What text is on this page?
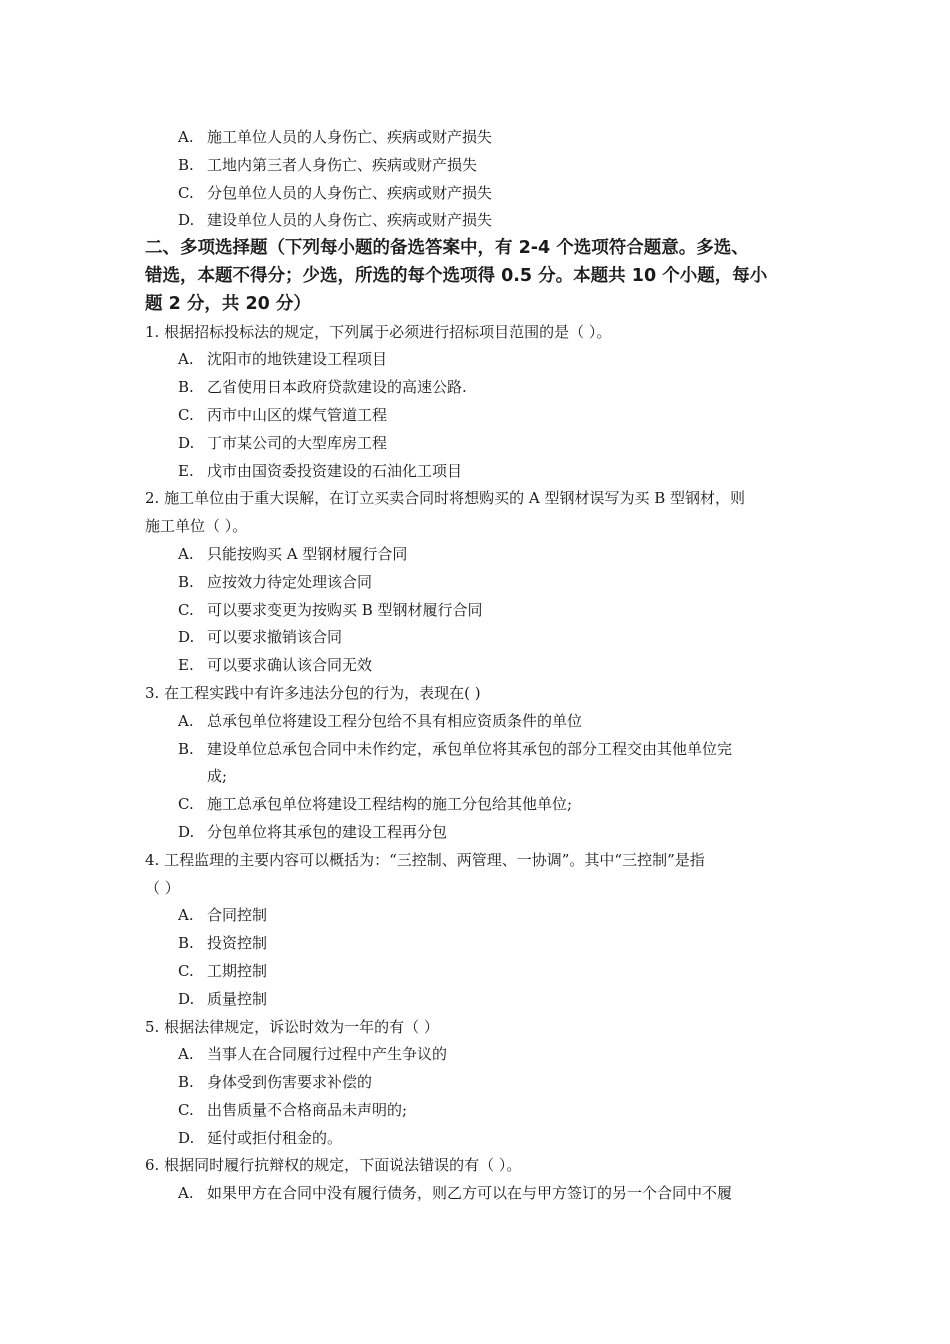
A. 施工单位人员的人身伤亡、疾病或财产损失
B. 工地内第三者人身伤亡、疾病或财产损失
C. 分包单位人员的人身伤亡、疾病或财产损失
D. 建设单位人员的人身伤亡、疾病或财产损失
二、多项选择题（下列每小题的备选答案中，有 2-4 个选项符合题意。多选、
错选，本题不得分；少选，所选的每个选项得 0.5 分。本题共 10 个小题，每小
题 2 分，共 20 分）
1. 根据招标投标法的规定，下列属于必须进行招标项目范围的是（ ）。
A. 沈阳市的地铁建设工程项目
B. 乙省使用日本政府贷款建设的高速公路.
C. 丙市中山区的煤气管道工程
D. 丁市某公司的大型库房工程
E. 戊市由国资委投资建设的石油化工项目
2. 施工单位由于重大误解，在订立买卖合同时将想购买的 A 型钢材误写为买 B 型钢材，则
施工单位（ ）。
A. 只能按购买 A 型钢材履行合同
B. 应按效力待定处理该合同
C. 可以要求变更为按购买 B 型钢材履行合同
D. 可以要求撤销该合同
E. 可以要求确认该合同无效
3. 在工程实践中有许多违法分包的行为，表现在( )
A. 总承包单位将建设工程分包给不具有相应资质条件的单位
B. 建设单位总承包合同中未作约定，承包单位将其承包的部分工程交由其他单位完
成;
C. 施工总承包单位将建设工程结构的施工分包给其他单位;
D. 分包单位将其承包的建设工程再分包
4. 工程监理的主要内容可以概括为：“三控制、两管理、一协调”。其中“三控制”是指
（ ）
A. 合同控制
B. 投资控制
C. 工期控制
D. 质量控制
5. 根据法律规定，诉讼时效为一年的有（ ）
A. 当事人在合同履行过程中产生争议的
B. 身体受到伤害要求补偿的
C. 出售质量不合格商品未声明的;
D. 延付或拒付租金的。
6. 根据同时履行抗辩权的规定，下面说法错误的有（ ）。
A. 如果甲方在合同中没有履行债务，则乙方可以在与甲方签订的另一个合同中不履
